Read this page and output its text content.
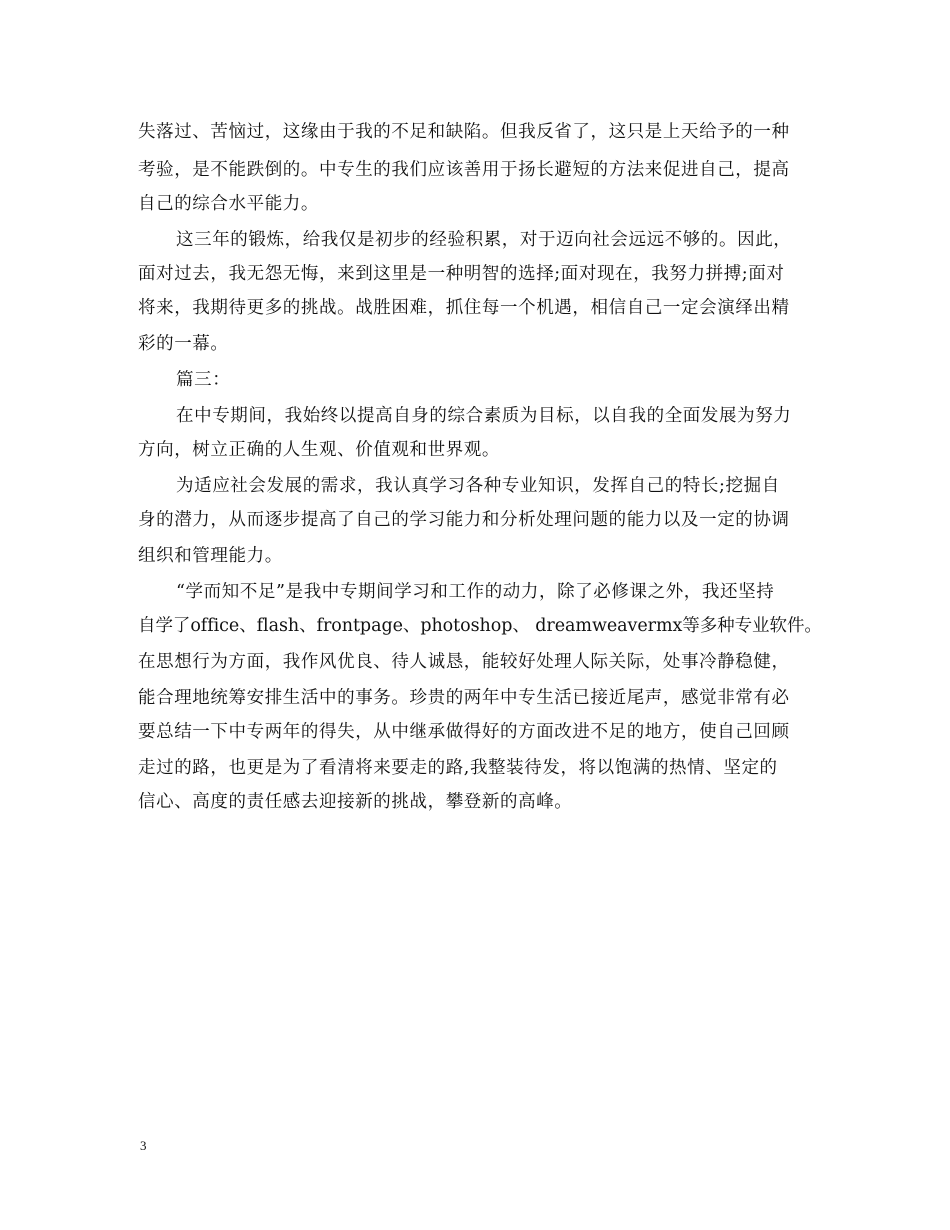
失落过、苦恼过，这缘由于我的不足和缺陷。但我反省了，这只是上天给予的一种
考验，是不能跌倒的。中专生的我们应该善用于扬长避短的方法来促进自己，提高
自己的综合水平能力。
这三年的锻炼，给我仅是初步的经验积累，对于迈向社会远远不够的。因此，
面对过去，我无怨无悔，来到这里是一种明智的选择;面对现在，我努力拼搏;面对
将来，我期待更多的挑战。战胜困难，抓住每一个机遇，相信自己一定会演绎出精
彩的一幕。
篇三：
在中专期间，我始终以提高自身的综合素质为目标，以自我的全面发展为努力
方向，树立正确的人生观、价值观和世界观。
为适应社会发展的需求，我认真学习各种专业知识，发挥自己的特长;挖掘自
身的潜力，从而逐步提高了自己的学习能力和分析处理问题的能力以及一定的协调
组织和管理能力。
“学而知不足”是我中专期间学习和工作的动力，除了必修课之外，我还坚持
自学了office、flash、frontpage、photoshop、 dreamweavermx等多种专业软件。
在思想行为方面，我作风优良、待人诚恳，能较好处理人际关际，处事冷静稳健，
能合理地统筹安排生活中的事务。珍贵的两年中专生活已接近尾声，感觉非常有必
要总结一下中专两年的得失，从中继承做得好的方面改进不足的地方，使自己回顾
走过的路，也更是为了看清将来要走的路,我整装待发，将以饱满的热情、坚定的
信心、高度的责任感去迎接新的挑战，攀登新的高峰。
3
